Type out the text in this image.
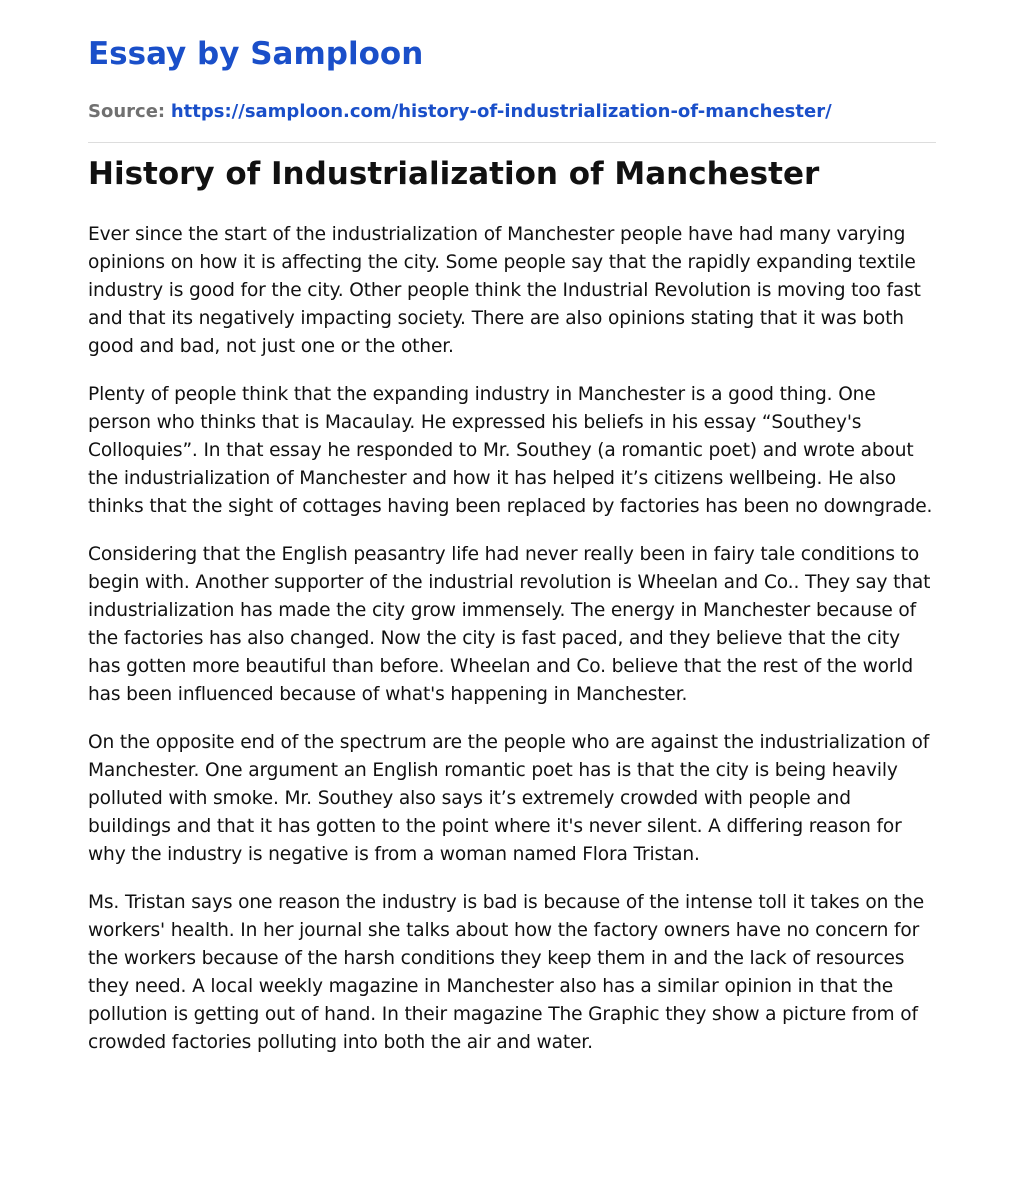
Essay by Samploon
Source: https://samploon.com/history-of-industrialization-of-manchester/
History of Industrialization of Manchester

Ever since the start of the industrialization of Manchester people have had many varying opinions on how it is affecting the city. Some people say that the rapidly expanding textile industry is good for the city. Other people think the Industrial Revolution is moving too fast and that its negatively impacting society. There are also opinions stating that it was both good and bad, not just one or the other.

Plenty of people think that the expanding industry in Manchester is a good thing. One person who thinks that is Macaulay. He expressed his beliefs in his essay “Southey's Colloquies”. In that essay he responded to Mr. Southey (a romantic poet) and wrote about the industrialization of Manchester and how it has helped it’s citizens wellbeing. He also thinks that the sight of cottages having been replaced by factories has been no downgrade.

Considering that the English peasantry life had never really been in fairy tale conditions to begin with. Another supporter of the industrial revolution is Wheelan and Co.. They say that industrialization has made the city grow immensely. The energy in Manchester because of the factories has also changed. Now the city is fast paced, and they believe that the city has gotten more beautiful than before. Wheelan and Co. believe that the rest of the world has been influenced because of what's happening in Manchester.

On the opposite end of the spectrum are the people who are against the industrialization of Manchester. One argument an English romantic poet has is that the city is being heavily polluted with smoke. Mr. Southey also says it’s extremely crowded with people and buildings and that it has gotten to the point where it's never silent. A differing reason for why the industry is negative is from a woman named Flora Tristan.

Ms. Tristan says one reason the industry is bad is because of the intense toll it takes on the workers' health. In her journal she talks about how the factory owners have no concern for the workers because of the harsh conditions they keep them in and the lack of resources they need. A local weekly magazine in Manchester also has a similar opinion in that the pollution is getting out of hand. In their magazine The Graphic they show a picture from of crowded factories polluting into both the air and water.
